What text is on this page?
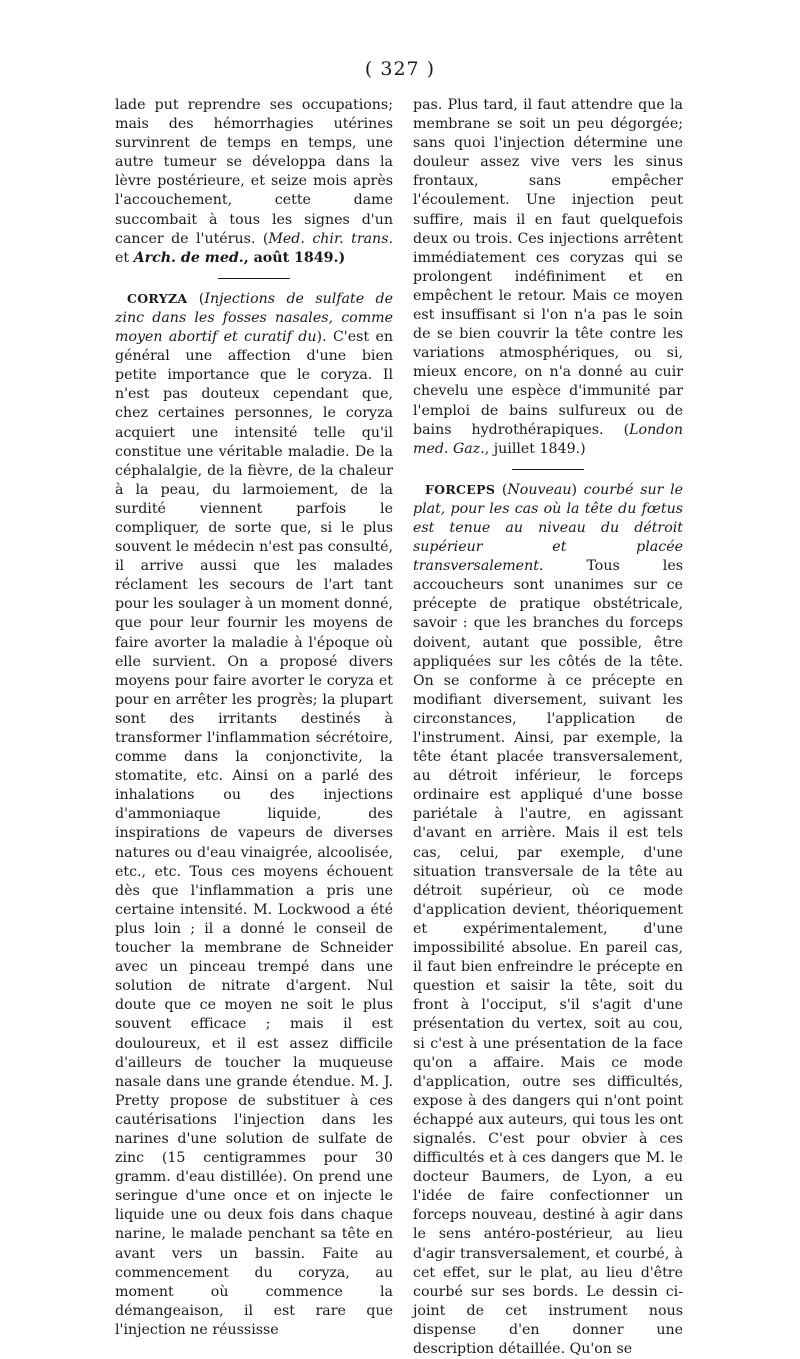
( 327 )

lade put reprendre ses occupations; mais des hémorrhagies utérines survinrent de temps en temps, une autre tumeur se développa dans la lèvre postérieure, et seize mois après l'accouchement, cette dame succombait à tous les signes d'un cancer de l'utérus. (Med. chir. trans. et Arch. de med., août 1849.)

CORYZA (Injections de sulfate de zinc dans les fosses nasales, comme moyen abortif et curatif du). C'est en général une affection d'une bien petite importance que le coryza. Il n'est pas douteux cependant que, chez certaines personnes, le coryza acquiert une intensité telle qu'il constitue une véritable maladie. De la céphalalgie, de la fièvre, de la chaleur à la peau, du larmoiement, de la surdité viennent parfois le compliquer, de sorte que, si le plus souvent le médecin n'est pas consulté, il arrive aussi que les malades réclament les secours de l'art tant pour les soulager à un moment donné, que pour leur fournir les moyens de faire avorter la maladie à l'époque où elle survient. On a proposé divers moyens pour faire avorter le coryza et pour en arrêter les progrès; la plupart sont des irritants destinés à transformer l'inflammation sécrétoire, comme dans la conjonctivite, la stomatite, etc. Ainsi on a parlé des inhalations ou des injections d'ammoniaque liquide, des inspirations de vapeurs de diverses natures ou d'eau vinaigrée, alcoolisée, etc., etc. Tous ces moyens échouent dès que l'inflammation a pris une certaine intensité. M. Lockwood a été plus loin ; il a donné le conseil de toucher la membrane de Schneider avec un pinceau trempé dans une solution de nitrate d'argent. Nul doute que ce moyen ne soit le plus souvent efficace ; mais il est douloureux, et il est assez difficile d'ailleurs de toucher la muqueuse nasale dans une grande étendue. M. J. Pretty propose de substituer à ces cautérisations l'injection dans les narines d'une solution de sulfate de zinc (15 centigrammes pour 30 gramm. d'eau distillée). On prend une seringue d'une once et on injecte le liquide une ou deux fois dans chaque narine, le malade penchant sa tête en avant vers un bassin. Faite au commencement du coryza, au moment où commence la démangeaison, il est rare que l'injection ne réussisse

pas. Plus tard, il faut attendre que la membrane se soit un peu dégorgée; sans quoi l'injection détermine une douleur assez vive vers les sinus frontaux, sans empêcher l'écoulement. Une injection peut suffire, mais il en faut quelquefois deux ou trois. Ces injections arrêtent immédiatement ces coryzas qui se prolongent indéfiniment et en empêchent le retour. Mais ce moyen est insuffisant si l'on n'a pas le soin de se bien couvrir la tête contre les variations atmosphériques, ou si, mieux encore, on n'a donné au cuir chevelu une espèce d'immunité par l'emploi de bains sulfureux ou de bains hydrothérapiques. (London med. Gaz., juillet 1849.)

FORCEPS (Nouveau) courbé sur le plat, pour les cas où la tête du fœtus est tenue au niveau du détroit supérieur et placée transversalement. Tous les accoucheurs sont unanimes sur ce précepte de pratique obstétricale, savoir : que les branches du forceps doivent, autant que possible, être appliquées sur les côtés de la tête. On se conforme à ce précepte en modifiant diversement, suivant les circonstances, l'application de l'instrument. Ainsi, par exemple, la tête étant placée transversalement, au détroit inférieur, le forceps ordinaire est appliqué d'une bosse pariétale à l'autre, en agissant d'avant en arrière. Mais il est tels cas, celui, par exemple, d'une situation transversale de la tête au détroit supérieur, où ce mode d'application devient, théoriquement et expérimentalement, d'une impossibilité absolue. En pareil cas, il faut bien enfreindre le précepte en question et saisir la tête, soit du front à l'occiput, s'il s'agit d'une présentation du vertex, soit au cou, si c'est à une présentation de la face qu'on a affaire. Mais ce mode d'application, outre ses difficultés, expose à des dangers qui n'ont point échappé aux auteurs, qui tous les ont signalés. C'est pour obvier à ces difficultés et à ces dangers que M. le docteur Baumers, de Lyon, a eu l'idée de faire confectionner un forceps nouveau, destiné à agir dans le sens antéro-postérieur, au lieu d'agir transversalement, et courbé, à cet effet, sur le plat, au lieu d'être courbé sur ses bords. Le dessin ci-joint de cet instrument nous dispense d'en donner une description détaillée. Qu'on se
